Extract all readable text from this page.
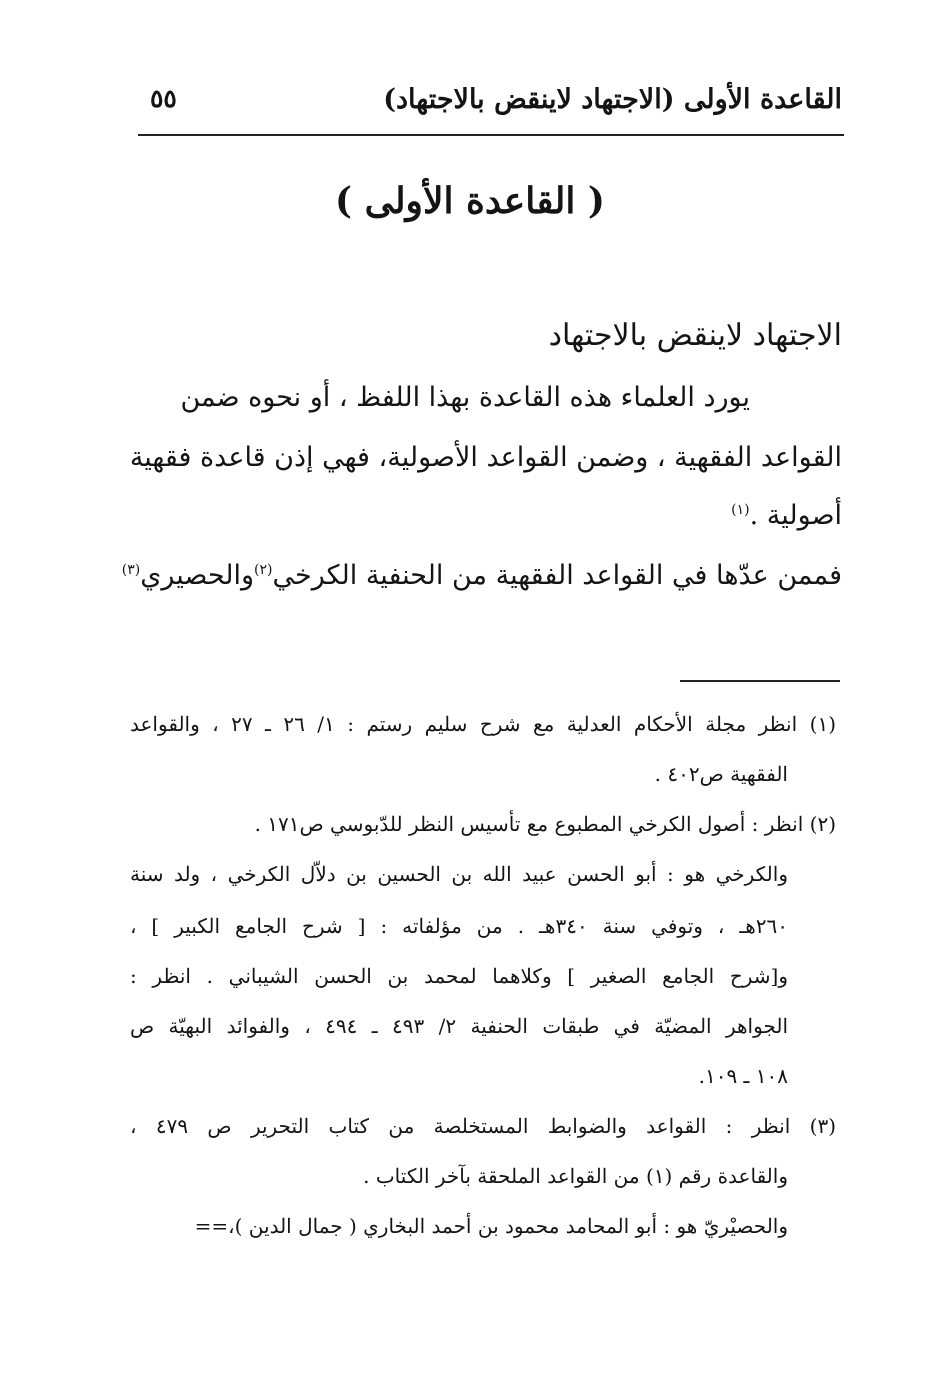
القاعدة الأولى (الاجتهاد لاينقض بالاجتهاد)
٥٥
( القاعدة الأولى )
الاجتهاد لاينقض بالاجتهاد
يورد العلماء هذه القاعدة بهذا اللفظ ، أو نحوه ضمن
القواعد الفقهية ، وضمن القواعد الأصولية، فهي إذن قاعدة فقهية
أصولية .$^{(١)}$
فممن عدّها في القواعد الفقهية من الحنفية الكرخي$^{(٢)}$والحصيري$^{(٣)}$
(١) انظر مجلة الأحكام العدلية مع شرح سليم رستم : ١/ ٢٦ ـ ٢٧ ، والقواعد
الفقهية ص٤٠٢ .
(٢) انظر : أصول الكرخي المطبوع مع تأسيس النظر للدّبوسي ص١٧١ .
والكرخي هو : أبو الحسن عبيد الله بن الحسين بن دلاّل الكرخي ، ولد سنة
٢٦٠هـ ، وتوفي سنة ٣٤٠هـ . من مؤلفاته : [ شرح الجامع الكبير ] ،
و[شرح الجامع الصغير ] وكلاهما لمحمد بن الحسن الشيباني . انظر :
الجواهر المضيّة في طبقات الحنفية ٢/ ٤٩٣ ـ ٤٩٤ ، والفوائد البهيّة ص
١٠٨ ـ ١٠٩.
(٣) انظر : القواعد والضوابط المستخلصة من كتاب التحرير ص ٤٧٩ ،
والقاعدة رقم (١) من القواعد الملحقة بآخر الكتاب .
والحصيْريّ هو : أبو المحامد محمود بن أحمد البخاري ( جمال الدين )،==
